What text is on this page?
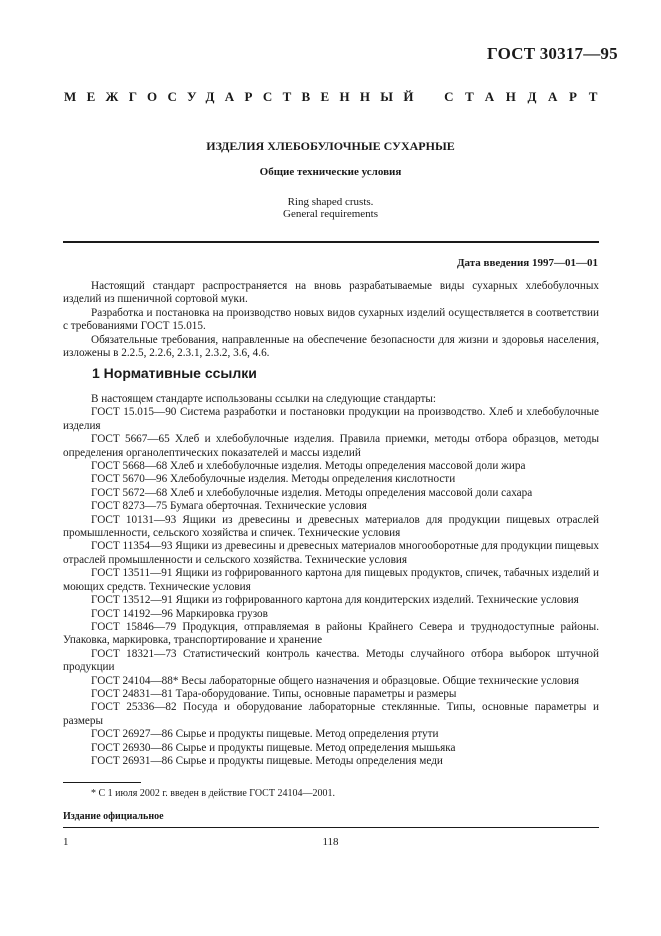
ГОСТ 30317—95
МЕЖГОСУДАРСТВЕННЫЙ СТАНДАРТ
ИЗДЕЛИЯ ХЛЕБОБУЛОЧНЫЕ СУХАРНЫЕ
Общие технические условия
Ring shaped crusts.
General requirements
Дата введения 1997—01—01
Настоящий стандарт распространяется на вновь разрабатываемые виды сухарных хлебобулочных изделий из пшеничной сортовой муки.
Разработка и постановка на производство новых видов сухарных изделий осуществляется в соответствии с требованиями ГОСТ 15.015.
Обязательные требования, направленные на обеспечение безопасности для жизни и здоровья населения, изложены в 2.2.5, 2.2.6, 2.3.1, 2.3.2, 3.6, 4.6.
1 Нормативные ссылки

В настоящем стандарте использованы ссылки на следующие стандарты:

ГОСТ 15.015—90 Система разработки и постановки продукции на производство. Хлеб и хлебобулочные изделия

ГОСТ 5667—65 Хлеб и хлебобулочные изделия. Правила приемки, методы отбора образцов, методы определения органолептических показателей и массы изделий

ГОСТ 5668—68 Хлеб и хлебобулочные изделия. Методы определения массовой доли жира

ГОСТ 5670—96 Хлебобулочные изделия. Методы определения кислотности

ГОСТ 5672—68 Хлеб и хлебобулочные изделия. Методы определения массовой доли сахара

ГОСТ 8273—75 Бумага оберточная. Технические условия

ГОСТ 10131—93 Ящики из древесины и древесных материалов для продукции пищевых отраслей промышленности, сельского хозяйства и спичек. Технические условия

ГОСТ 11354—93 Ящики из древесины и древесных материалов многооборотные для продукции пищевых отраслей промышленности и сельского хозяйства. Технические условия

ГОСТ 13511—91 Ящики из гофрированного картона для пищевых продуктов, спичек, табачных изделий и моющих средств. Технические условия

ГОСТ 13512—91 Ящики из гофрированного картона для кондитерских изделий. Технические условия

ГОСТ 14192—96 Маркировка грузов

ГОСТ 15846—79 Продукция, отправляемая в районы Крайнего Севера и труднодоступные районы. Упаковка, маркировка, транспортирование и хранение

ГОСТ 18321—73 Статистический контроль качества. Методы случайного отбора выборок штучной продукции

ГОСТ 24104—88* Весы лабораторные общего назначения и образцовые. Общие технические условия

ГОСТ 24831—81 Тара-оборудование. Типы, основные параметры и размеры

ГОСТ 25336—82 Посуда и оборудование лабораторные стеклянные. Типы, основные параметры и размеры

ГОСТ 26927—86 Сырье и продукты пищевые. Метод определения ртути

ГОСТ 26930—86 Сырье и продукты пищевые. Метод определения мышьяка

ГОСТ 26931—86 Сырье и продукты пищевые. Методы определения меди

* С 1 июля 2002 г. введен в действие ГОСТ 24104—2001.
Издание официальное
1	118
